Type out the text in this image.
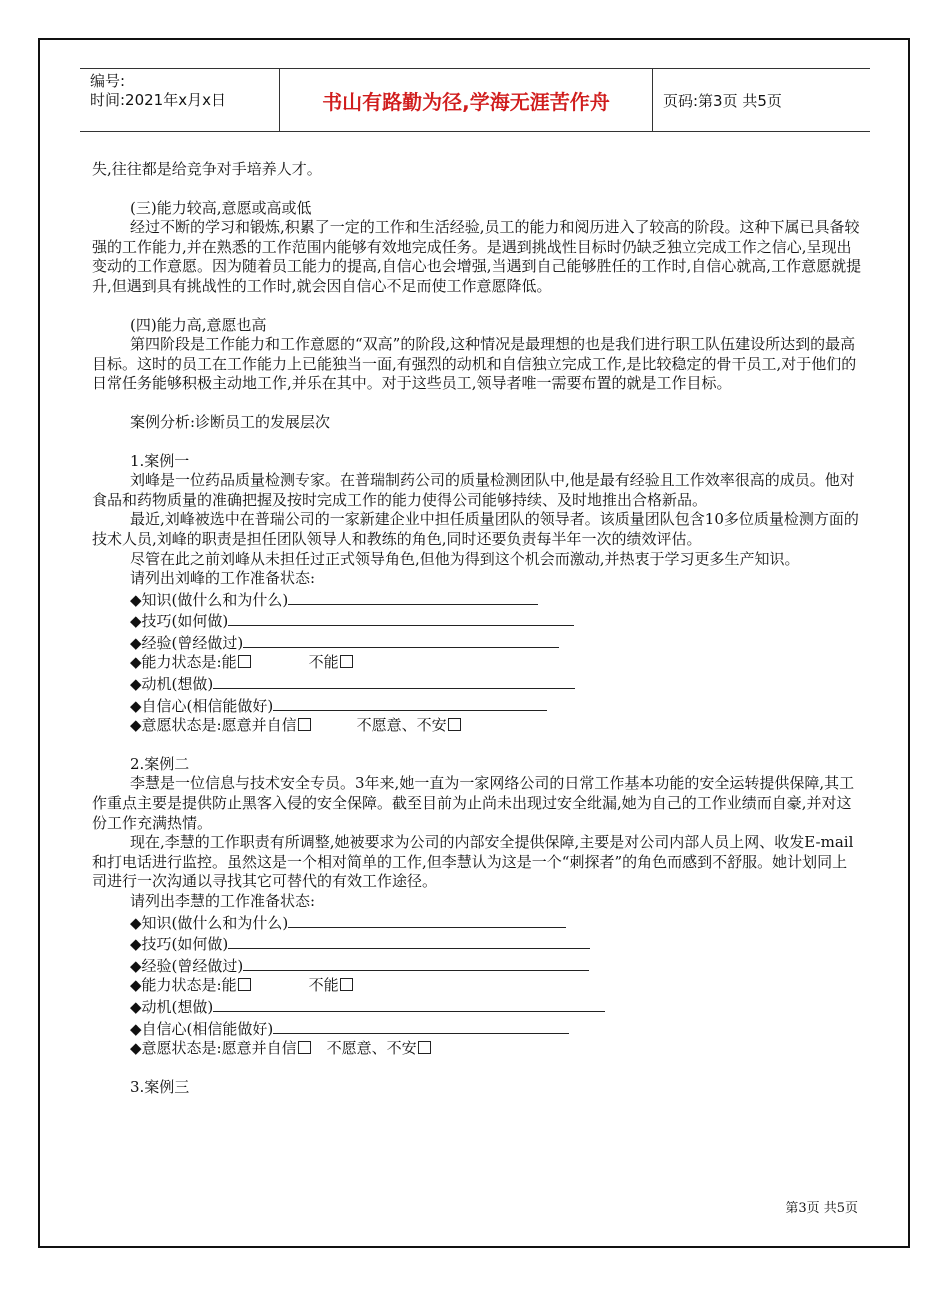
编号:
时间:2021年x月x日	书山有路勤为径,学海无涯苦作舟	页码:第3页 共5页

失,往往都是给竞争对手培养人才。

(三)能力较高,意愿或高或低

经过不断的学习和锻炼,积累了一定的工作和生活经验,员工的能力和阅历进入了较高的阶段。这种下属已具备较强的工作能力,并在熟悉的工作范围内能够有效地完成任务。是遇到挑战性目标时仍缺乏独立完成工作之信心,呈现出变动的工作意愿。因为随着员工能力的提高,自信心也会增强,当遇到自己能够胜任的工作时,自信心就高,工作意愿就提升,但遇到具有挑战性的工作时,就会因自信心不足而使工作意愿降低。

(四)能力高,意愿也高

第四阶段是工作能力和工作意愿的“双高”的阶段,这种情况是最理想的也是我们进行职工队伍建设所达到的最高目标。这时的员工在工作能力上已能独当一面,有强烈的动机和自信独立完成工作,是比较稳定的骨干员工,对于他们的日常任务能够积极主动地工作,并乐在其中。对于这些员工,领导者唯一需要布置的就是工作目标。

案例分析:诊断员工的发展层次

1.案例一

刘峰是一位药品质量检测专家。在普瑞制药公司的质量检测团队中,他是最有经验且工作效率很高的成员。他对食品和药物质量的准确把握及按时完成工作的能力使得公司能够持续、及时地推出合格新品。

最近,刘峰被选中在普瑞公司的一家新建企业中担任质量团队的领导者。该质量团队包含10多位质量检测方面的技术人员,刘峰的职责是担任团队领导人和教练的角色,同时还要负责每半年一次的绩效评估。

尽管在此之前刘峰从未担任过正式领导角色,但他为得到这个机会而激动,并热衷于学习更多生产知识。

请列出刘峰的工作准备状态:

◆知识(做什么和为什么)
◆技巧(如何做)
◆经验(曾经做过)
◆能力状态是:能	不能
◆动机(想做)
◆自信心(相信能做好)
◆意愿状态是:愿意并自信	不愿意、不安

2.案例二

李慧是一位信息与技术安全专员。3年来,她一直为一家网络公司的日常工作基本功能的安全运转提供保障,其工作重点主要是提供防止黑客入侵的安全保障。截至目前为止尚未出现过安全纰漏,她为自己的工作业绩而自豪,并对这份工作充满热情。

现在,李慧的工作职责有所调整,她被要求为公司的内部安全提供保障,主要是对公司内部人员上网、收发E-mail和打电话进行监控。虽然这是一个相对简单的工作,但李慧认为这是一个“刺探者”的角色而感到不舒服。她计划同上司进行一次沟通以寻找其它可替代的有效工作途径。

请列出李慧的工作准备状态:

◆知识(做什么和为什么)
◆技巧(如何做)
◆经验(曾经做过)
◆能力状态是:能	不能
◆动机(想做)
◆自信心(相信能做好)
◆意愿状态是:愿意并自信 不愿意、不安

3.案例三

第3页 共5页
